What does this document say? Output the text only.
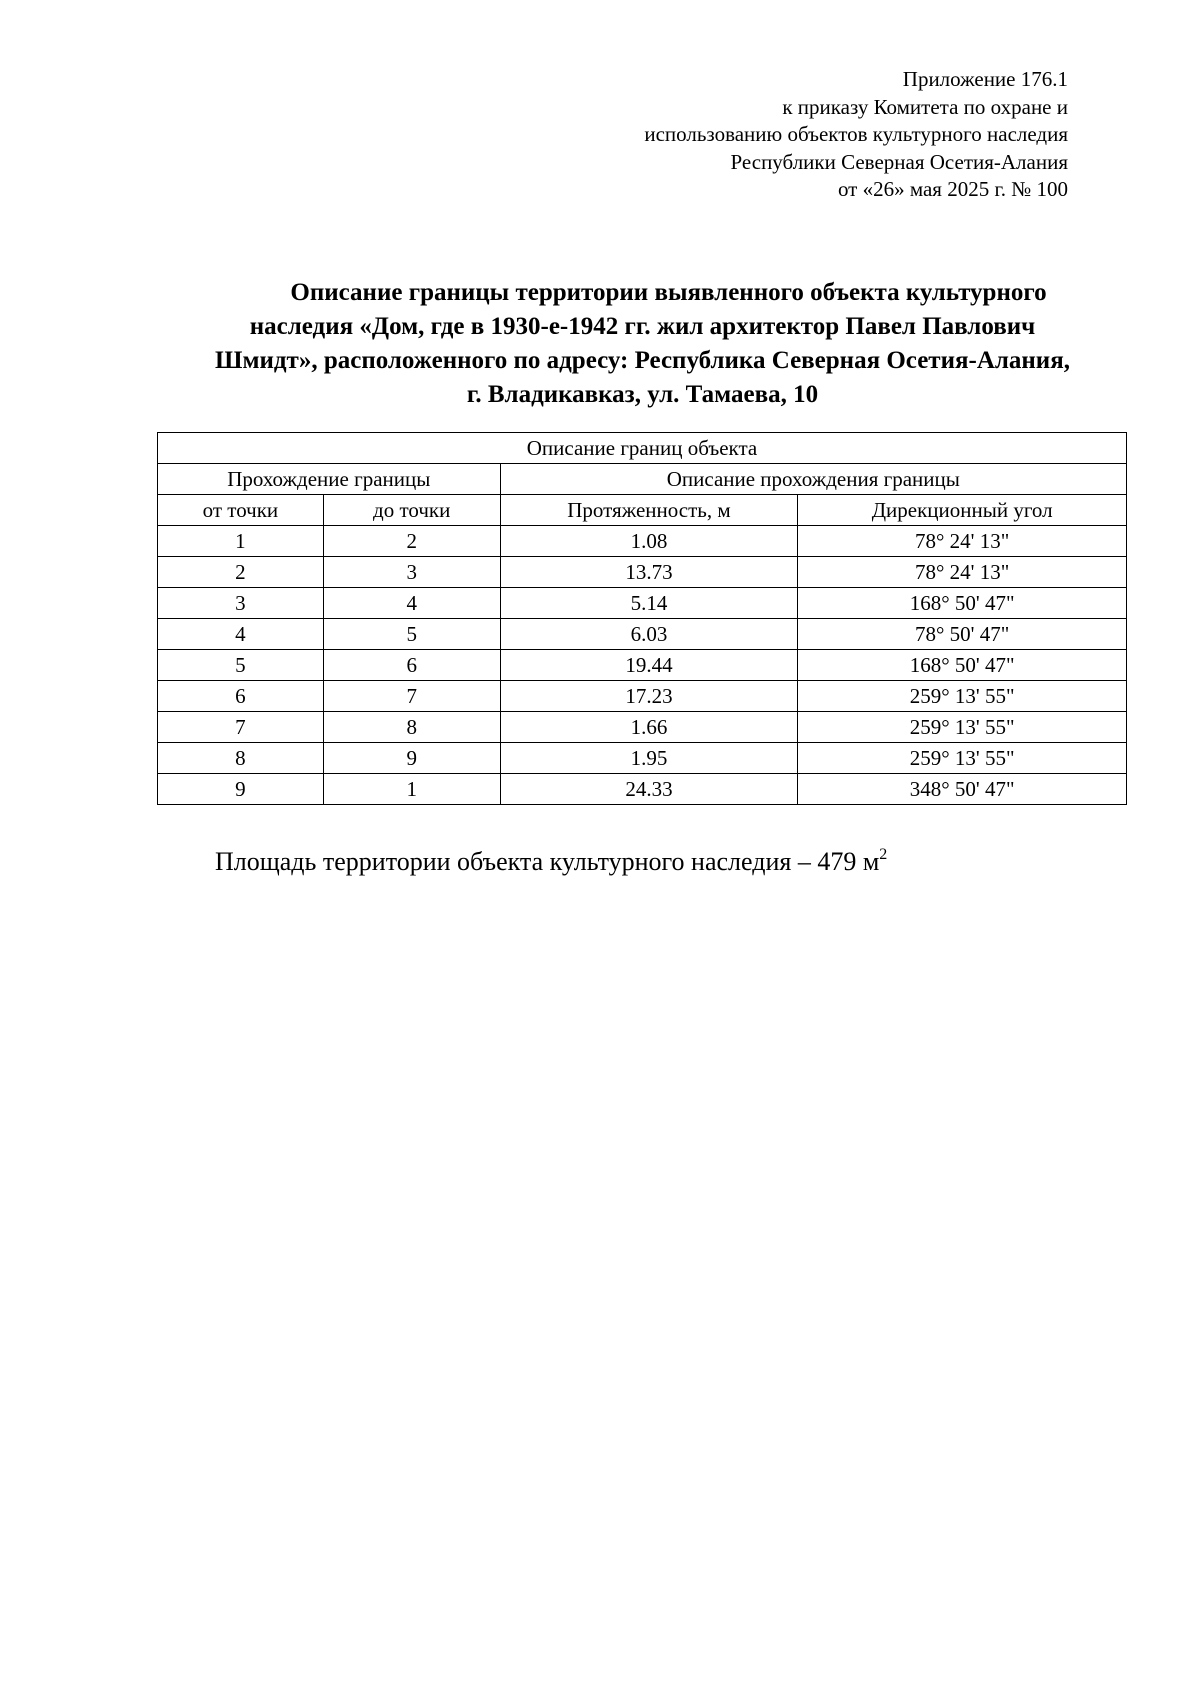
Приложение 176.1
к приказу Комитета по охране и
использованию объектов культурного наследия
Республики Северная Осетия-Алания
от «26» мая 2025 г. № 100
Описание границы территории выявленного объекта культурного
наследия «Дом, где в 1930-е-1942 гг. жил архитектор Павел Павлович
Шмидт», расположенного по адресу: Республика Северная Осетия-Алания,
г. Владикавказ, ул. Тамаева, 10
Описание границ объекта			
Прохождение границы		Описание прохождения границы	
от точки	до точки	Протяженность, м	Дирекционный угол
1	2	1.08	78° 24' 13"
2	3	13.73	78° 24' 13"
3	4	5.14	168° 50' 47"
4	5	6.03	78° 50' 47"
5	6	19.44	168° 50' 47"
6	7	17.23	259° 13' 55"
7	8	1.66	259° 13' 55"
8	9	1.95	259° 13' 55"
9	1	24.33	348° 50' 47"
Площадь территории объекта культурного наследия – 479 $м^2$
